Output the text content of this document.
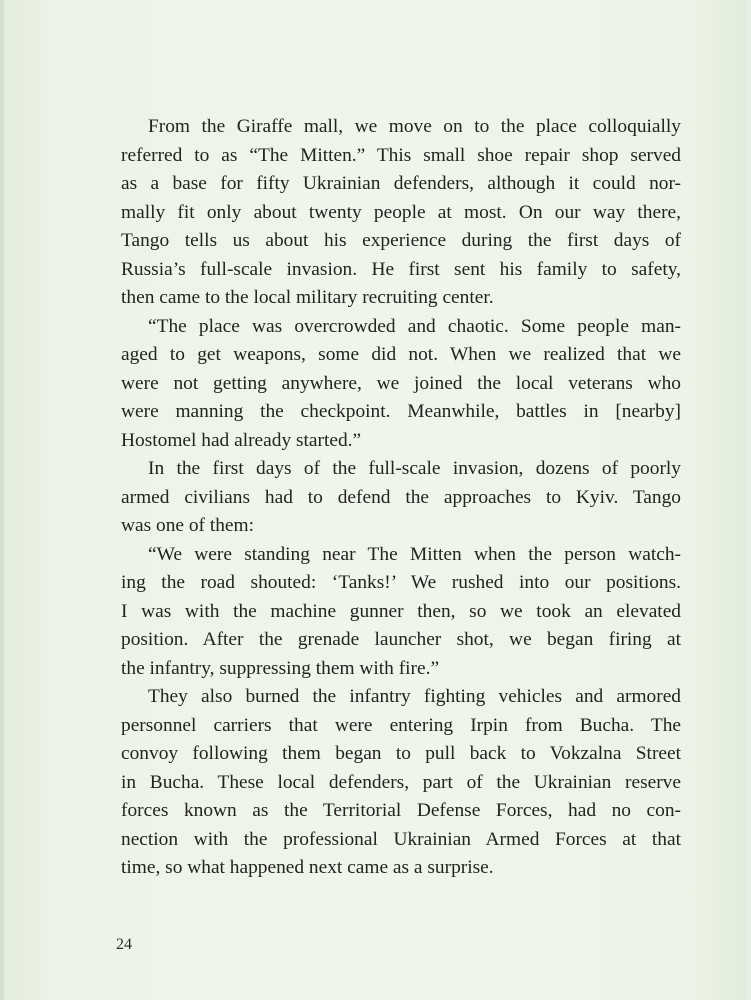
From the Giraffe mall, we move on to the place colloquially
referred to as “The Mitten.” This small shoe repair shop served
as a base for fifty Ukrainian defenders, although it could nor-
mally fit only about twenty people at most. On our way there,
Tango tells us about his experience during the first days of
Russia’s full-scale invasion. He first sent his family to safety,
then came to the local military recruiting center.
“The place was overcrowded and chaotic. Some people man-
aged to get weapons, some did not. When we realized that we
were not getting anywhere, we joined the local veterans who
were manning the checkpoint. Meanwhile, battles in [nearby]
Hostomel had already started.”
In the first days of the full-scale invasion, dozens of poorly
armed civilians had to defend the approaches to Kyiv. Tango
was one of them:
“We were standing near The Mitten when the person watch-
ing the road shouted: ‘Tanks!’ We rushed into our positions.
I was with the machine gunner then, so we took an elevated
position. After the grenade launcher shot, we began firing at
the infantry, suppressing them with fire.”
They also burned the infantry fighting vehicles and armored
personnel carriers that were entering Irpin from Bucha. The
convoy following them began to pull back to Vokzalna Street
in Bucha. These local defenders, part of the Ukrainian reserve
forces known as the Territorial Defense Forces, had no con-
nection with the professional Ukrainian Armed Forces at that
time, so what happened next came as a surprise.
24
